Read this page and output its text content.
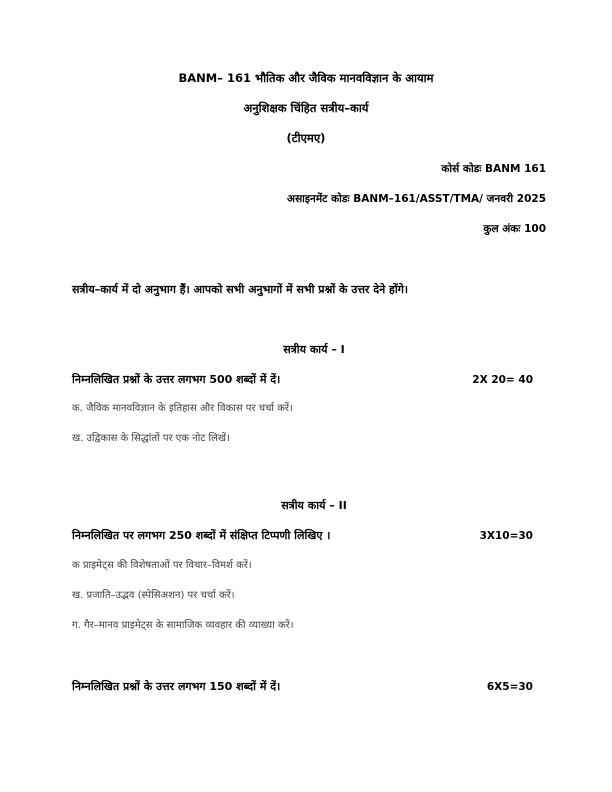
BANM– 161 भौतिक और जैविक मानवविज्ञान के आयाम
अनुशिक्षक चिंहित सत्रीय–कार्य
(टीएमए)
कोर्स कोडः BANM 161
असाइनमेंट कोडः BANM–161/ASST/TMA/ जनवरी 2025
कुल अंकः 100
सत्रीय–कार्य में दो अनुभाग हैं। आपको सभी अनुभागों में सभी प्रश्नों के उत्तर देने होंगे।
सत्रीय कार्य – I
निम्नलिखित प्रश्नों के उत्तर लगभग 500 शब्दों में दें।	2X 20= 40
क. जैविक मानवविज्ञान के इतिहास और विकास पर चर्चा करें।
ख. उद्विकास के सिद्धांतों पर एक नोट लिखें।
सत्रीय कार्य – II
निम्नलिखित पर लगभग 250 शब्दों में संक्षिप्त टिप्पणी लिखिए ।	3X10=30
क प्राइमेट्स की विशेषताओं पर विचार–विमर्श करें।
ख. प्रजाति–उद्भव (स्पेसिअशन) पर चर्चा करें।
ग. गैर–मानव प्राइमेट्स के सामाजिक व्यवहार की व्याख्या करें।
निम्नलिखित प्रश्नों के उत्तर लगभग 150 शब्दों में दें।	6X5=30
